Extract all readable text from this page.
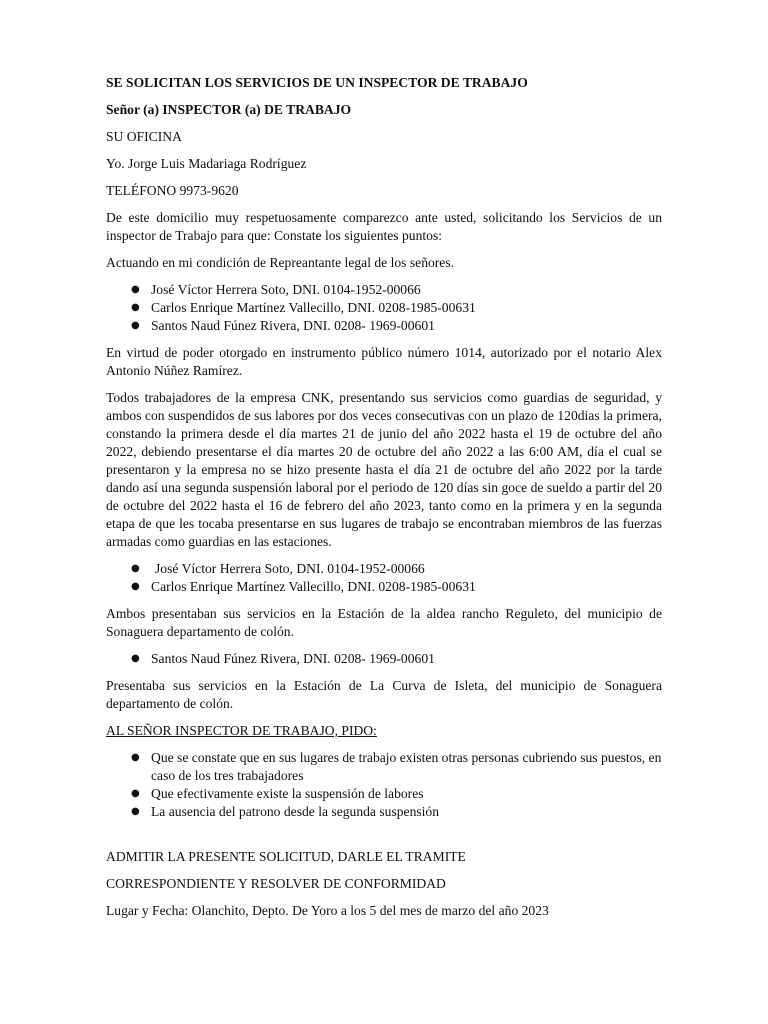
SE SOLICITAN LOS SERVICIOS DE UN INSPECTOR DE TRABAJO

Señor (a) INSPECTOR (a) DE TRABAJO

SU OFICINA

Yo. Jorge Luis Madariaga Rodríguez

TELÉFONO 9973-9620

De este domicilio muy respetuosamente comparezco ante usted, solicitando los Servicios de un inspector de Trabajo para que: Constate los siguientes puntos:

Actuando en mi condición de Repreantante legal de los señores.

● José Víctor Herrera Soto, DNI. 0104-1952-00066
● Carlos Enrique Martínez Vallecillo, DNI. 0208-1985-00631
● Santos Naud Fúnez Rivera, DNI. 0208- 1969-00601

En virtud de poder otorgado en instrumento público número 1014, autorizado por el notario Alex Antonio Núñez Ramírez.

Todos trabajadores de la empresa CNK, presentando sus servicios como guardias de seguridad, y ambos con suspendidos de sus labores por dos veces consecutivas con un plazo de 120dias la primera, constando la primera desde el día martes 21 de junio del año 2022 hasta el 19 de octubre del año 2022, debiendo presentarse el día martes 20 de octubre del año 2022 a las 6:00 AM, día el cual se presentaron y la empresa no se hizo presente hasta el día 21 de octubre del año 2022 por la tarde dando así una segunda suspensión laboral por el periodo de 120 días sin goce de sueldo a partir del 20 de octubre del 2022 hasta el 16 de febrero del año 2023, tanto como en la primera y en la segunda etapa de que les tocaba presentarse en sus lugares de trabajo se encontraban miembros de las fuerzas armadas como guardias en las estaciones.

● José Víctor Herrera Soto, DNI. 0104-1952-00066
● Carlos Enrique Martínez Vallecillo, DNI. 0208-1985-00631

Ambos presentaban sus servicios en la Estación de la aldea rancho Reguleto, del municipio de Sonaguera departamento de colón.

● Santos Naud Fúnez Rivera, DNI. 0208- 1969-00601

Presentaba sus servicios en la Estación de La Curva de Isleta, del municipio de Sonaguera departamento de colón.

AL SEÑOR INSPECTOR DE TRABAJO, PIDO:

● Que se constate que en sus lugares de trabajo existen otras personas cubriendo sus puestos, en caso de los tres trabajadores
● Que efectivamente existe la suspensión de labores
● La ausencia del patrono desde la segunda suspensión

ADMITIR LA PRESENTE SOLICITUD, DARLE EL TRAMITE

CORRESPONDIENTE Y RESOLVER DE CONFORMIDAD

Lugar y Fecha: Olanchito, Depto. De Yoro a los 5 del mes de marzo del año 2023
